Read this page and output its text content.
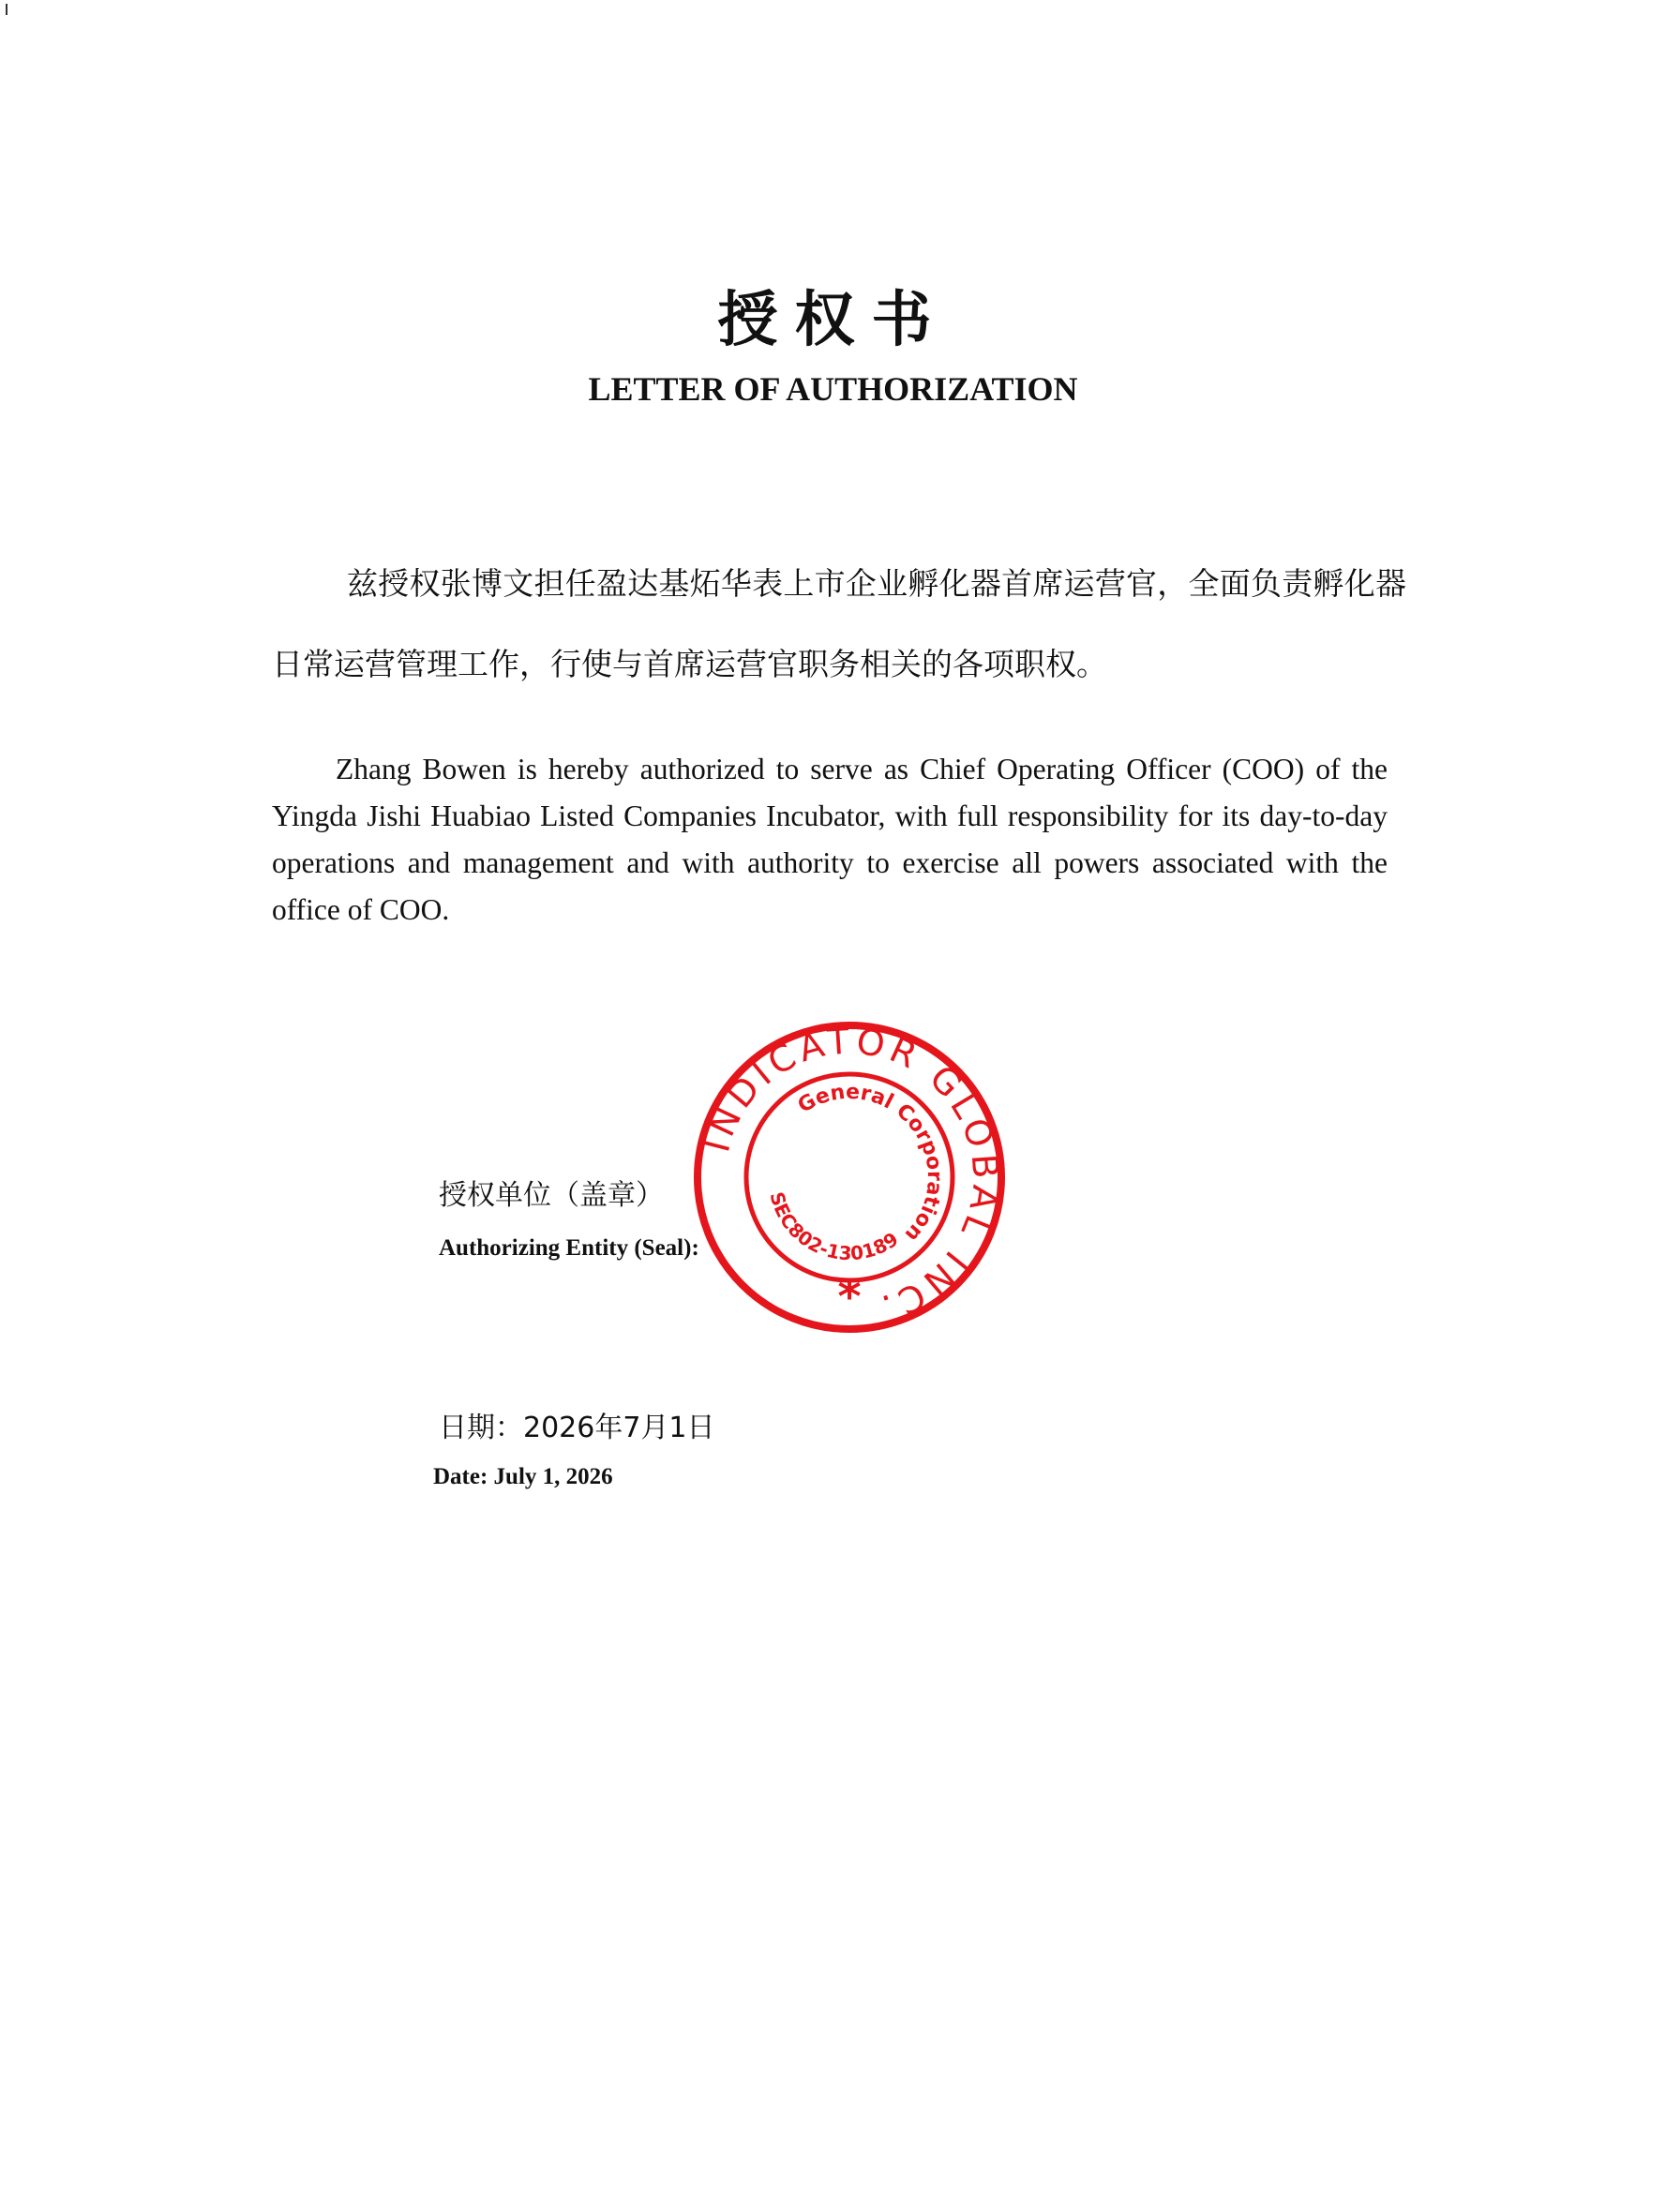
授权书
LETTER OF AUTHORIZATION
兹授权张博文担任盈达基炻华表上市企业孵化器首席运营官，全面负责孵化器日常运营管理工作，行使与首席运营官职务相关的各项职权。
Zhang Bowen is hereby authorized to serve as Chief Operating Officer (COO) of the Yingda Jishi Huabiao Listed Companies Incubator, with full responsibility for its day-to-day operations and management and with authority to exercise all powers associated with the office of COO.
授权单位（盖章）
Authorizing Entity (Seal):
INDICATOR GLOBAL INC.
General Corporation
SEC802-130189
*
日期：2026年7月1日
Date: July 1, 2026
